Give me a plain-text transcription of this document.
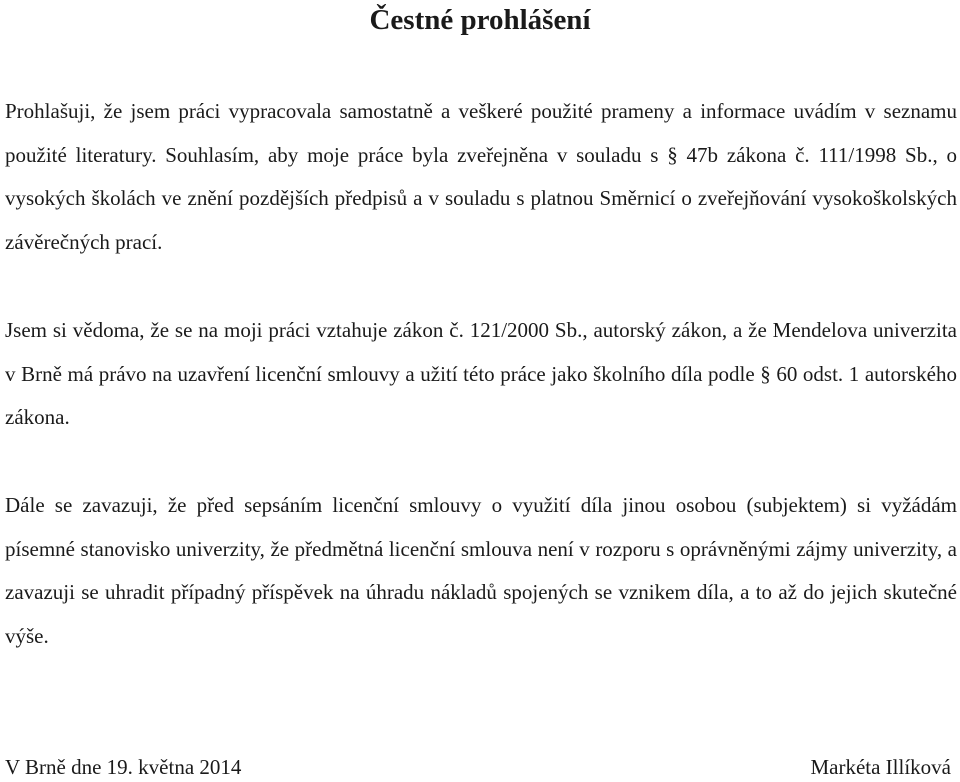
Čestné prohlášení

Prohlašuji, že jsem práci vypracovala samostatně a veškeré použité prameny a informace uvádím v seznamu použité literatury. Souhlasím, aby moje práce byla zveřejněna v souladu s § 47b zákona č. 111/1998 Sb., o vysokých školách ve znění pozdějších předpisů a v souladu s platnou Směrnicí o zveřejňování vysokoškolských závěrečných prací.

Jsem si vědoma, že se na moji práci vztahuje zákon č. 121/2000 Sb., autorský zákon, a že Mendelova univerzita v Brně má právo na uzavření licenční smlouvy a užití této práce jako školního díla podle § 60 odst. 1 autorského zákona.

Dále se zavazuji, že před sepsáním licenční smlouvy o využití díla jinou osobou (subjektem) si vyžádám písemné stanovisko univerzity, že předmětná licenční smlouva není v rozporu s oprávněnými zájmy univerzity, a zavazuji se uhradit případný příspěvek na úhradu nákladů spojených se vznikem díla, a to až do jejich skutečné výše.

V Brně dne 19. května 2014	Markéta Illíková
